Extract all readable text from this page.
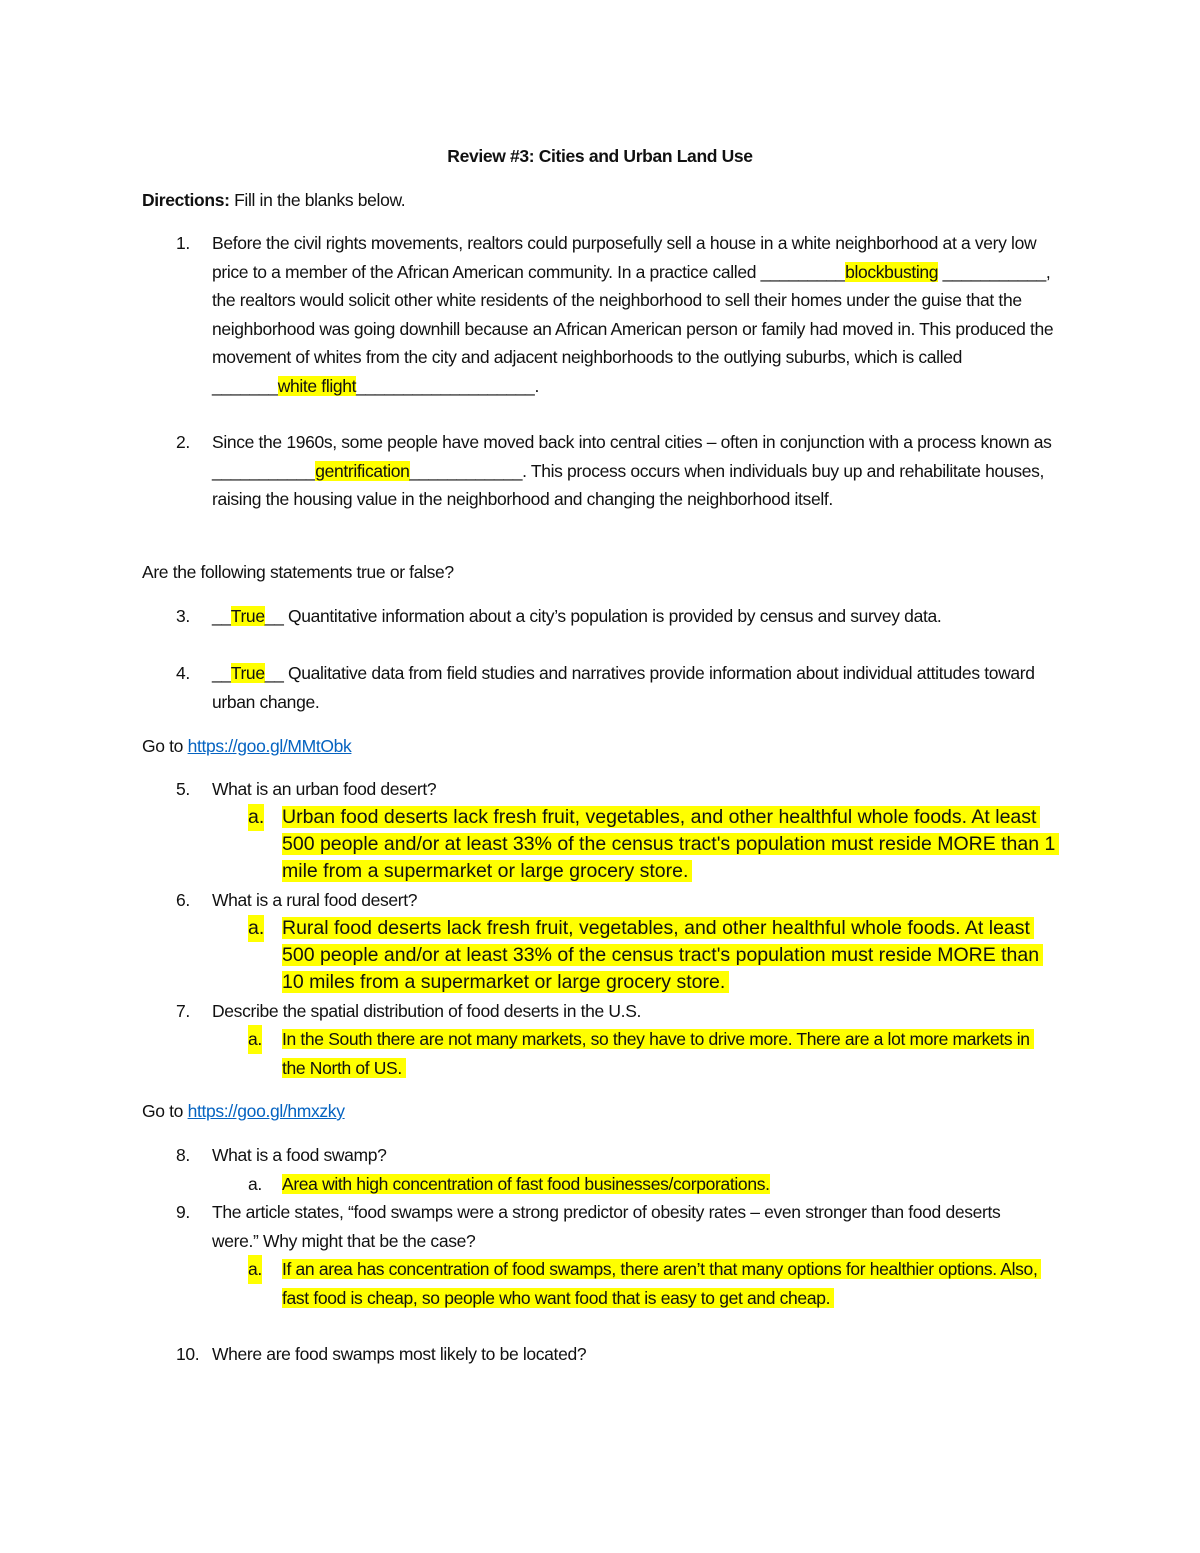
Review #3: Cities and Urban Land Use
Directions: Fill in the blanks below.
1. Before the civil rights movements, realtors could purposefully sell a house in a white neighborhood at a very low price to a member of the African American community. In a practice called _________blockbusting ___________, the realtors would solicit other white residents of the neighborhood to sell their homes under the guise that the neighborhood was going downhill because an African American person or family had moved in. This produced the movement of whites from the city and adjacent neighborhoods to the outlying suburbs, which is called _______white flight___________________.
2. Since the 1960s, some people have moved back into central cities – often in conjunction with a process known as ___________gentrification____________. This process occurs when individuals buy up and rehabilitate houses, raising the housing value in the neighborhood and changing the neighborhood itself.
Are the following statements true or false?
3. __True__ Quantitative information about a city’s population is provided by census and survey data.
4. __True__ Qualitative data from field studies and narratives provide information about individual attitudes toward urban change.
Go to https://goo.gl/MMtObk
5. What is an urban food desert?
a. Urban food deserts lack fresh fruit, vegetables, and other healthful whole foods. At least 500 people and/or at least 33% of the census tract's population must reside MORE than 1 mile from a supermarket or large grocery store.
6. What is a rural food desert?
a. Rural food deserts lack fresh fruit, vegetables, and other healthful whole foods. At least 500 people and/or at least 33% of the census tract's population must reside MORE than 10 miles from a supermarket or large grocery store.
7. Describe the spatial distribution of food deserts in the U.S.
a. In the South there are not many markets, so they have to drive more. There are a lot more markets in the North of US.
Go to https://goo.gl/hmxzky
8. What is a food swamp?
a. Area with high concentration of fast food businesses/corporations.
9. The article states, “food swamps were a strong predictor of obesity rates – even stronger than food deserts were.” Why might that be the case?
a. If an area has concentration of food swamps, there aren’t that many options for healthier options. Also, fast food is cheap, so people who want food that is easy to get and cheap.
10. Where are food swamps most likely to be located?
